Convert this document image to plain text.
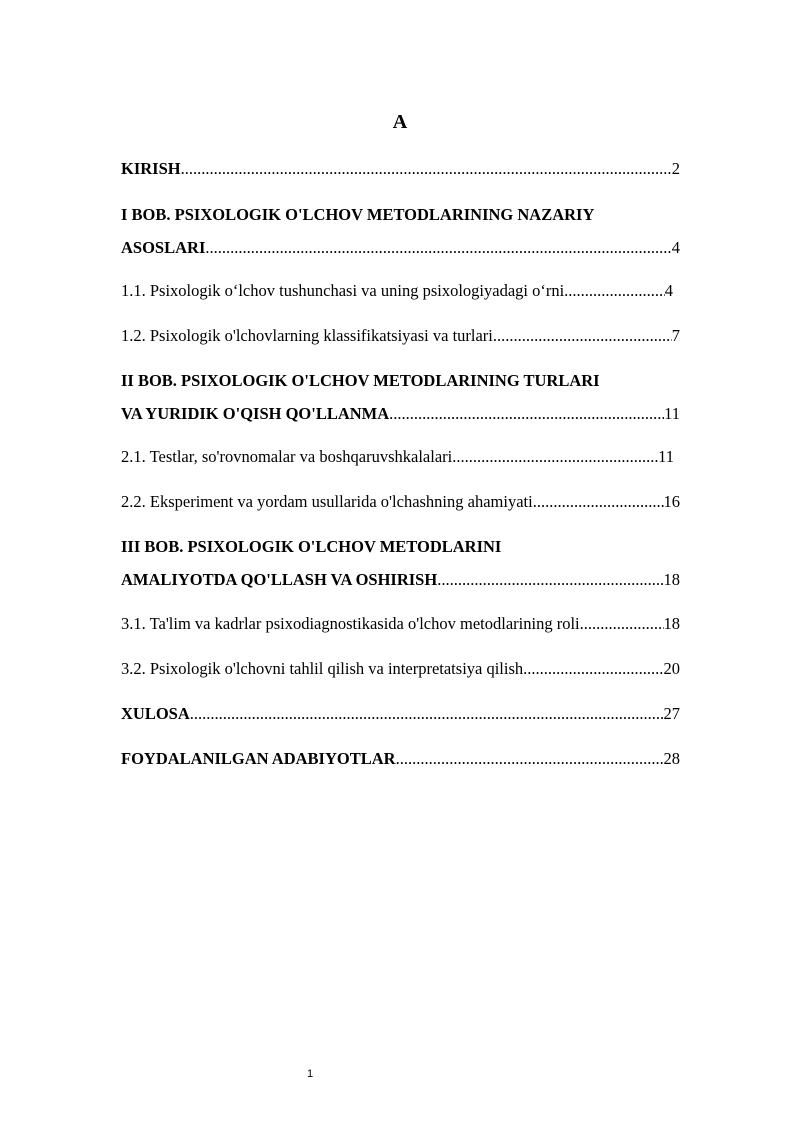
A
KIRISH .....	2
I BOB. PSIXOLOGIK O'LCHOV METODLARINING NAZARIY
ASOSLARI .....	4
1.1. Psixologik o‘lchov tushunchasi va uning psixologiyadagi o‘rni .....	4
1.2. Psixologik o'lchovlarning klassifikatsiyasi va turlari .....	7
II BOB. PSIXOLOGIK O'LCHOV METODLARINING TURLARI
VA YURIDIK O'QISH QO'LLANMA .....	11
2.1. Testlar, so'rovnomalar va boshqaruvshkalalari .....	11
2.2. Eksperiment va yordam usullarida o'lchashning ahamiyati .....	16
III BOB. PSIXOLOGIK O'LCHOV METODLARINI
AMALIYOTDA QO'LLASH VA OSHIRISH .....	18
3.1. Ta'lim va kadrlar psixodiagnostikasida o'lchov metodlarining roli .....	18
3.2. Psixologik o'lchovni tahlil qilish va interpretatsiya qilish .....	20
XULOSA .....	27
FOYDALANILGAN ADABIYOTLAR .....	28
1
